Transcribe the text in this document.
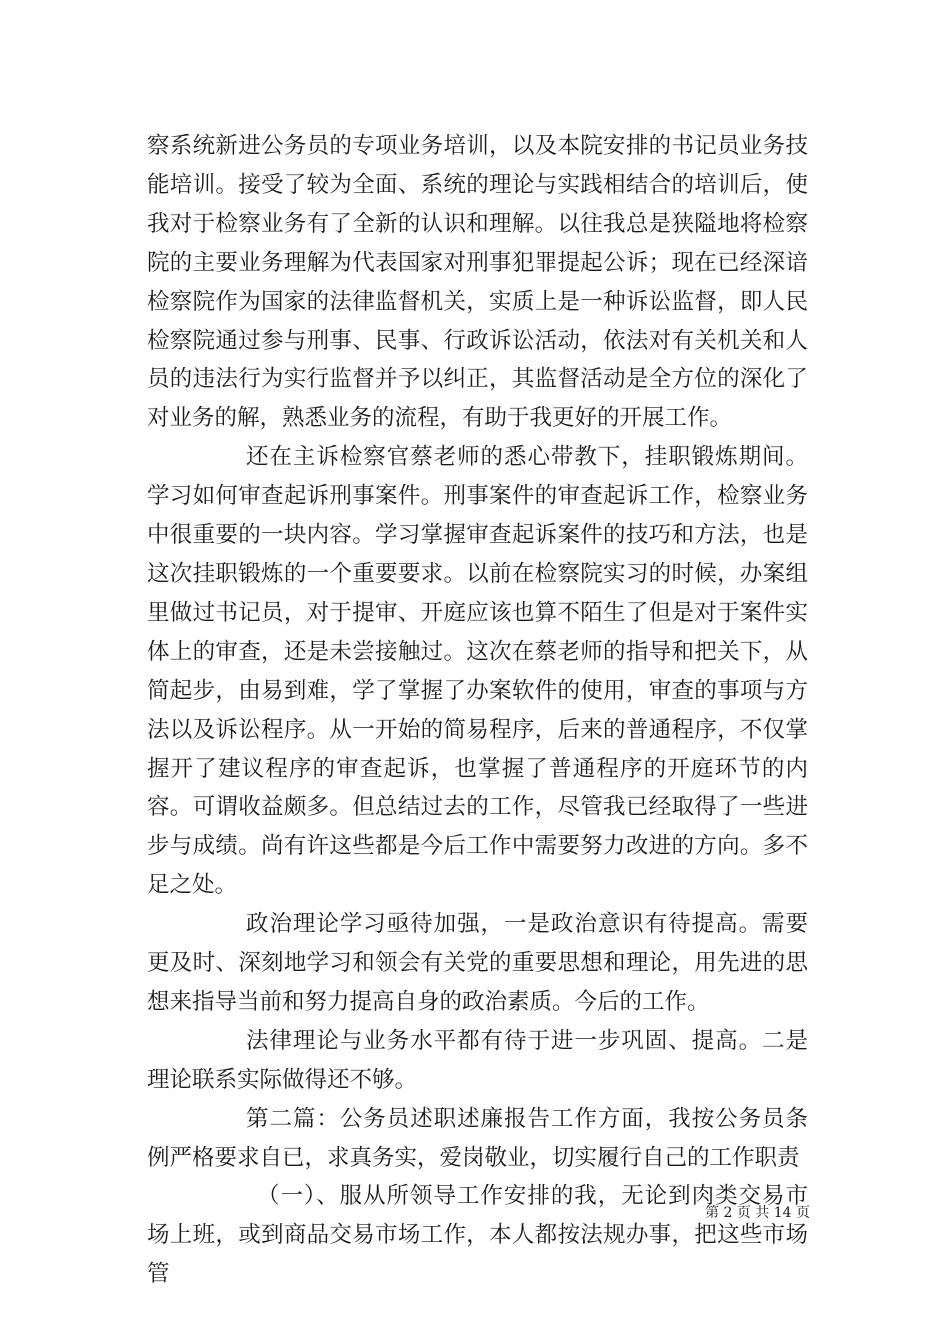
察系统新进公务员的专项业务培训，以及本院安排的书记员业务技能培训。接受了较为全面、系统的理论与实践相结合的培训后，使我对于检察业务有了全新的认识和理解。以往我总是狭隘地将检察院的主要业务理解为代表国家对刑事犯罪提起公诉；现在已经深谙检察院作为国家的法律监督机关，实质上是一种诉讼监督，即人民检察院通过参与刑事、民事、行政诉讼活动，依法对有关机关和人员的违法行为实行监督并予以纠正，其监督活动是全方位的深化了对业务的解，熟悉业务的流程，有助于我更好的开展工作。

还在主诉检察官蔡老师的悉心带教下，挂职锻炼期间。学习如何审查起诉刑事案件。刑事案件的审查起诉工作，检察业务中很重要的一块内容。学习掌握审查起诉案件的技巧和方法，也是这次挂职锻炼的一个重要要求。以前在检察院实习的时候，办案组里做过书记员，对于提审、开庭应该也算不陌生了但是对于案件实体上的审查，还是未尝接触过。这次在蔡老师的指导和把关下，从简起步，由易到难，学了掌握了办案软件的使用，审查的事项与方法以及诉讼程序。从一开始的简易程序，后来的普通程序，不仅掌握开了建议程序的审查起诉，也掌握了普通程序的开庭环节的内容。可谓收益颇多。但总结过去的工作，尽管我已经取得了一些进步与成绩。尚有许这些都是今后工作中需要努力改进的方向。多不足之处。

政治理论学习亟待加强，一是政治意识有待提高。需要更及时、深刻地学习和领会有关党的重要思想和理论，用先进的思想来指导当前和努力提高自身的政治素质。今后的工作。

法律理论与业务水平都有待于进一步巩固、提高。二是理论联系实际做得还不够。

第二篇：公务员述职述廉报告工作方面，我按公务员条例严格要求自已，求真务实，爱岗敬业，切实履行自己的工作职责

（一）、服从所领导工作安排的我，无论到肉类交易市场上班，或到商品交易市场工作，本人都按法规办事，把这些市场管

第 2 页 共 14 页
